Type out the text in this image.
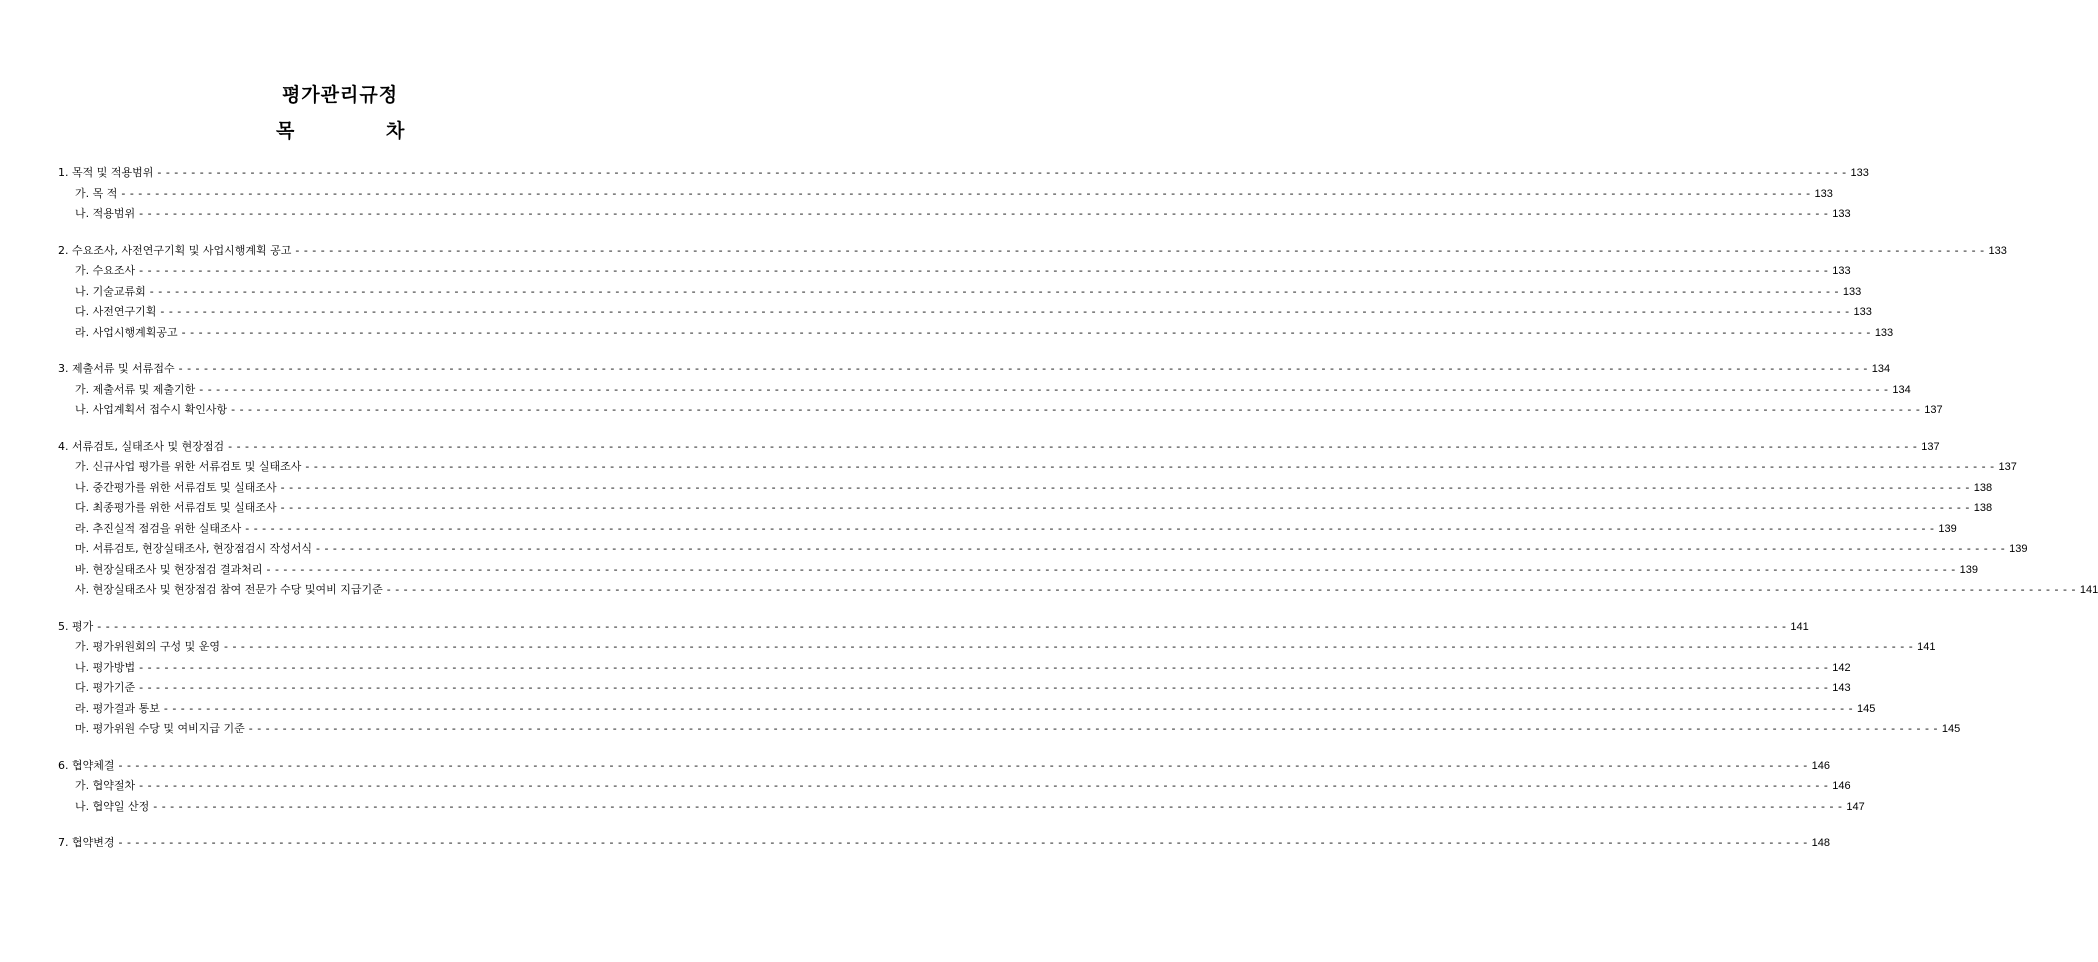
평가관리규정
목	차
1. 목적 및 적용범위 - - - - - - - - - - - - - - - - - - - - - - - - - - - - - - - - - - - - - - - - - - - - - - - - - - - - - - - - - - - - - - - - - - - - - - - - - - - - - - - - - - - - - - - - - - - - - - - - - - - - - - - - - - - - - - - - - - - - - - - - - - - - - - - - - - - - - - - - - - - - - - - - - - - - - - - - - - - - - - - - - - - - - - - - - - - - - - - - - - - - - - - - - - - - - - - - - - - - - - - - 133
가. 목 적 - - - - - - - - - - - - - - - - - - - - - - - - - - - - - - - - - - - - - - - - - - - - - - - - - - - - - - - - - - - - - - - - - - - - - - - - - - - - - - - - - - - - - - - - - - - - - - - - - - - - - - - - - - - - - - - - - - - - - - - - - - - - - - - - - - - - - - - - - - - - - - - - - - - - - - - - - - - - - - - - - - - - - - - - - - - - - - - - - - - - - - - - - - - - - - - - - - - - - - - - 133
나. 적용범위 - - - - - - - - - - - - - - - - - - - - - - - - - - - - - - - - - - - - - - - - - - - - - - - - - - - - - - - - - - - - - - - - - - - - - - - - - - - - - - - - - - - - - - - - - - - - - - - - - - - - - - - - - - - - - - - - - - - - - - - - - - - - - - - - - - - - - - - - - - - - - - - - - - - - - - - - - - - - - - - - - - - - - - - - - - - - - - - - - - - - - - - - - - - - - - - - - - - - - - - - 133
2. 수요조사, 사전연구기획 및 사업시행계획 공고 - - - - - - - - - - - - - - - - - - - - - - - - - - - - - - - - - - - - - - - - - - - - - - - - - - - - - - - - - - - - - - - - - - - - - - - - - - - - - - - - - - - - - - - - - - - - - - - - - - - - - - - - - - - - - - - - - - - - - - - - - - - - - - - - - - - - - - - - - - - - - - - - - - - - - - - - - - - - - - - - - - - - - - - - - - - - - - - - - - - - - - - - - - - - - - - - - - - - - - - - 133
가. 수요조사 - - - - - - - - - - - - - - - - - - - - - - - - - - - - - - - - - - - - - - - - - - - - - - - - - - - - - - - - - - - - - - - - - - - - - - - - - - - - - - - - - - - - - - - - - - - - - - - - - - - - - - - - - - - - - - - - - - - - - - - - - - - - - - - - - - - - - - - - - - - - - - - - - - - - - - - - - - - - - - - - - - - - - - - - - - - - - - - - - - - - - - - - - - - - - - - - - - - - - - - - 133
나. 기술교류회 - - - - - - - - - - - - - - - - - - - - - - - - - - - - - - - - - - - - - - - - - - - - - - - - - - - - - - - - - - - - - - - - - - - - - - - - - - - - - - - - - - - - - - - - - - - - - - - - - - - - - - - - - - - - - - - - - - - - - - - - - - - - - - - - - - - - - - - - - - - - - - - - - - - - - - - - - - - - - - - - - - - - - - - - - - - - - - - - - - - - - - - - - - - - - - - - - - - - - - - - 133
다. 사전연구기획 - - - - - - - - - - - - - - - - - - - - - - - - - - - - - - - - - - - - - - - - - - - - - - - - - - - - - - - - - - - - - - - - - - - - - - - - - - - - - - - - - - - - - - - - - - - - - - - - - - - - - - - - - - - - - - - - - - - - - - - - - - - - - - - - - - - - - - - - - - - - - - - - - - - - - - - - - - - - - - - - - - - - - - - - - - - - - - - - - - - - - - - - - - - - - - - - - - - - - - - - 133
라. 사업시행계획공고 - - - - - - - - - - - - - - - - - - - - - - - - - - - - - - - - - - - - - - - - - - - - - - - - - - - - - - - - - - - - - - - - - - - - - - - - - - - - - - - - - - - - - - - - - - - - - - - - - - - - - - - - - - - - - - - - - - - - - - - - - - - - - - - - - - - - - - - - - - - - - - - - - - - - - - - - - - - - - - - - - - - - - - - - - - - - - - - - - - - - - - - - - - - - - - - - - - - - - - - - 133
3. 제출서류 및 서류접수 - - - - - - - - - - - - - - - - - - - - - - - - - - - - - - - - - - - - - - - - - - - - - - - - - - - - - - - - - - - - - - - - - - - - - - - - - - - - - - - - - - - - - - - - - - - - - - - - - - - - - - - - - - - - - - - - - - - - - - - - - - - - - - - - - - - - - - - - - - - - - - - - - - - - - - - - - - - - - - - - - - - - - - - - - - - - - - - - - - - - - - - - - - - - - - - - - - - - - - - - 134
가. 제출서류 및 제출기한 - - - - - - - - - - - - - - - - - - - - - - - - - - - - - - - - - - - - - - - - - - - - - - - - - - - - - - - - - - - - - - - - - - - - - - - - - - - - - - - - - - - - - - - - - - - - - - - - - - - - - - - - - - - - - - - - - - - - - - - - - - - - - - - - - - - - - - - - - - - - - - - - - - - - - - - - - - - - - - - - - - - - - - - - - - - - - - - - - - - - - - - - - - - - - - - - - - - - - - - - 134
나. 사업계획서 접수시 확인사항 - - - - - - - - - - - - - - - - - - - - - - - - - - - - - - - - - - - - - - - - - - - - - - - - - - - - - - - - - - - - - - - - - - - - - - - - - - - - - - - - - - - - - - - - - - - - - - - - - - - - - - - - - - - - - - - - - - - - - - - - - - - - - - - - - - - - - - - - - - - - - - - - - - - - - - - - - - - - - - - - - - - - - - - - - - - - - - - - - - - - - - - - - - - - - - - - - - - - - - - - 137
4. 서류검토, 실태조사 및 현장점검 - - - - - - - - - - - - - - - - - - - - - - - - - - - - - - - - - - - - - - - - - - - - - - - - - - - - - - - - - - - - - - - - - - - - - - - - - - - - - - - - - - - - - - - - - - - - - - - - - - - - - - - - - - - - - - - - - - - - - - - - - - - - - - - - - - - - - - - - - - - - - - - - - - - - - - - - - - - - - - - - - - - - - - - - - - - - - - - - - - - - - - - - - - - - - - - - - - - - - - - - 137
가. 신규사업 평가를 위한 서류검토 및 실태조사 - - - - - - - - - - - - - - - - - - - - - - - - - - - - - - - - - - - - - - - - - - - - - - - - - - - - - - - - - - - - - - - - - - - - - - - - - - - - - - - - - - - - - - - - - - - - - - - - - - - - - - - - - - - - - - - - - - - - - - - - - - - - - - - - - - - - - - - - - - - - - - - - - - - - - - - - - - - - - - - - - - - - - - - - - - - - - - - - - - - - - - - - - - - - - - - - - - - - - - - - 137
나. 중간평가를 위한 서류검토 및 실태조사 - - - - - - - - - - - - - - - - - - - - - - - - - - - - - - - - - - - - - - - - - - - - - - - - - - - - - - - - - - - - - - - - - - - - - - - - - - - - - - - - - - - - - - - - - - - - - - - - - - - - - - - - - - - - - - - - - - - - - - - - - - - - - - - - - - - - - - - - - - - - - - - - - - - - - - - - - - - - - - - - - - - - - - - - - - - - - - - - - - - - - - - - - - - - - - - - - - - - - - - - 138
다. 최종평가를 위한 서류검토 및 실태조사 - - - - - - - - - - - - - - - - - - - - - - - - - - - - - - - - - - - - - - - - - - - - - - - - - - - - - - - - - - - - - - - - - - - - - - - - - - - - - - - - - - - - - - - - - - - - - - - - - - - - - - - - - - - - - - - - - - - - - - - - - - - - - - - - - - - - - - - - - - - - - - - - - - - - - - - - - - - - - - - - - - - - - - - - - - - - - - - - - - - - - - - - - - - - - - - - - - - - - - - - 138
라. 추진실적 점검을 위한 실태조사 - - - - - - - - - - - - - - - - - - - - - - - - - - - - - - - - - - - - - - - - - - - - - - - - - - - - - - - - - - - - - - - - - - - - - - - - - - - - - - - - - - - - - - - - - - - - - - - - - - - - - - - - - - - - - - - - - - - - - - - - - - - - - - - - - - - - - - - - - - - - - - - - - - - - - - - - - - - - - - - - - - - - - - - - - - - - - - - - - - - - - - - - - - - - - - - - - - - - - - - - 139
마. 서류검토, 현장실태조사, 현장점검시 작성서식 - - - - - - - - - - - - - - - - - - - - - - - - - - - - - - - - - - - - - - - - - - - - - - - - - - - - - - - - - - - - - - - - - - - - - - - - - - - - - - - - - - - - - - - - - - - - - - - - - - - - - - - - - - - - - - - - - - - - - - - - - - - - - - - - - - - - - - - - - - - - - - - - - - - - - - - - - - - - - - - - - - - - - - - - - - - - - - - - - - - - - - - - - - - - - - - - - - - - - - - - 139
바. 현장실태조사 및 현장점검 결과처리 - - - - - - - - - - - - - - - - - - - - - - - - - - - - - - - - - - - - - - - - - - - - - - - - - - - - - - - - - - - - - - - - - - - - - - - - - - - - - - - - - - - - - - - - - - - - - - - - - - - - - - - - - - - - - - - - - - - - - - - - - - - - - - - - - - - - - - - - - - - - - - - - - - - - - - - - - - - - - - - - - - - - - - - - - - - - - - - - - - - - - - - - - - - - - - - - - - - - - - - - 139
사. 현장실태조사 및 현장점검 참여 전문가 수당 및여비 지급기준 - - - - - - - - - - - - - - - - - - - - - - - - - - - - - - - - - - - - - - - - - - - - - - - - - - - - - - - - - - - - - - - - - - - - - - - - - - - - - - - - - - - - - - - - - - - - - - - - - - - - - - - - - - - - - - - - - - - - - - - - - - - - - - - - - - - - - - - - - - - - - - - - - - - - - - - - - - - - - - - - - - - - - - - - - - - - - - - - - - - - - - - - - - - - - - - - - - - - - - - - 141
5. 평가 - - - - - - - - - - - - - - - - - - - - - - - - - - - - - - - - - - - - - - - - - - - - - - - - - - - - - - - - - - - - - - - - - - - - - - - - - - - - - - - - - - - - - - - - - - - - - - - - - - - - - - - - - - - - - - - - - - - - - - - - - - - - - - - - - - - - - - - - - - - - - - - - - - - - - - - - - - - - - - - - - - - - - - - - - - - - - - - - - - - - - - - - - - - - - - - - - - - - - - - - 141
가. 평가위원회의 구성 및 운영 - - - - - - - - - - - - - - - - - - - - - - - - - - - - - - - - - - - - - - - - - - - - - - - - - - - - - - - - - - - - - - - - - - - - - - - - - - - - - - - - - - - - - - - - - - - - - - - - - - - - - - - - - - - - - - - - - - - - - - - - - - - - - - - - - - - - - - - - - - - - - - - - - - - - - - - - - - - - - - - - - - - - - - - - - - - - - - - - - - - - - - - - - - - - - - - - - - - - - - - - 141
나. 평가방법 - - - - - - - - - - - - - - - - - - - - - - - - - - - - - - - - - - - - - - - - - - - - - - - - - - - - - - - - - - - - - - - - - - - - - - - - - - - - - - - - - - - - - - - - - - - - - - - - - - - - - - - - - - - - - - - - - - - - - - - - - - - - - - - - - - - - - - - - - - - - - - - - - - - - - - - - - - - - - - - - - - - - - - - - - - - - - - - - - - - - - - - - - - - - - - - - - - - - - - - - 142
다. 평가기준 - - - - - - - - - - - - - - - - - - - - - - - - - - - - - - - - - - - - - - - - - - - - - - - - - - - - - - - - - - - - - - - - - - - - - - - - - - - - - - - - - - - - - - - - - - - - - - - - - - - - - - - - - - - - - - - - - - - - - - - - - - - - - - - - - - - - - - - - - - - - - - - - - - - - - - - - - - - - - - - - - - - - - - - - - - - - - - - - - - - - - - - - - - - - - - - - - - - - - - - - 143
라. 평가결과 통보 - - - - - - - - - - - - - - - - - - - - - - - - - - - - - - - - - - - - - - - - - - - - - - - - - - - - - - - - - - - - - - - - - - - - - - - - - - - - - - - - - - - - - - - - - - - - - - - - - - - - - - - - - - - - - - - - - - - - - - - - - - - - - - - - - - - - - - - - - - - - - - - - - - - - - - - - - - - - - - - - - - - - - - - - - - - - - - - - - - - - - - - - - - - - - - - - - - - - - - - - 145
마. 평가위원 수당 및 여비지급 기준 - - - - - - - - - - - - - - - - - - - - - - - - - - - - - - - - - - - - - - - - - - - - - - - - - - - - - - - - - - - - - - - - - - - - - - - - - - - - - - - - - - - - - - - - - - - - - - - - - - - - - - - - - - - - - - - - - - - - - - - - - - - - - - - - - - - - - - - - - - - - - - - - - - - - - - - - - - - - - - - - - - - - - - - - - - - - - - - - - - - - - - - - - - - - - - - - - - - - - - - - 145
6. 협약체결 - - - - - - - - - - - - - - - - - - - - - - - - - - - - - - - - - - - - - - - - - - - - - - - - - - - - - - - - - - - - - - - - - - - - - - - - - - - - - - - - - - - - - - - - - - - - - - - - - - - - - - - - - - - - - - - - - - - - - - - - - - - - - - - - - - - - - - - - - - - - - - - - - - - - - - - - - - - - - - - - - - - - - - - - - - - - - - - - - - - - - - - - - - - - - - - - - - - - - - - - 146
가. 협약절차 - - - - - - - - - - - - - - - - - - - - - - - - - - - - - - - - - - - - - - - - - - - - - - - - - - - - - - - - - - - - - - - - - - - - - - - - - - - - - - - - - - - - - - - - - - - - - - - - - - - - - - - - - - - - - - - - - - - - - - - - - - - - - - - - - - - - - - - - - - - - - - - - - - - - - - - - - - - - - - - - - - - - - - - - - - - - - - - - - - - - - - - - - - - - - - - - - - - - - - - - 146
나. 협약일 산정 - - - - - - - - - - - - - - - - - - - - - - - - - - - - - - - - - - - - - - - - - - - - - - - - - - - - - - - - - - - - - - - - - - - - - - - - - - - - - - - - - - - - - - - - - - - - - - - - - - - - - - - - - - - - - - - - - - - - - - - - - - - - - - - - - - - - - - - - - - - - - - - - - - - - - - - - - - - - - - - - - - - - - - - - - - - - - - - - - - - - - - - - - - - - - - - - - - - - - - - - 147
7. 협약변경 - - - - - - - - - - - - - - - - - - - - - - - - - - - - - - - - - - - - - - - - - - - - - - - - - - - - - - - - - - - - - - - - - - - - - - - - - - - - - - - - - - - - - - - - - - - - - - - - - - - - - - - - - - - - - - - - - - - - - - - - - - - - - - - - - - - - - - - - - - - - - - - - - - - - - - - - - - - - - - - - - - - - - - - - - - - - - - - - - - - - - - - - - - - - - - - - - - - - - - - - 148
